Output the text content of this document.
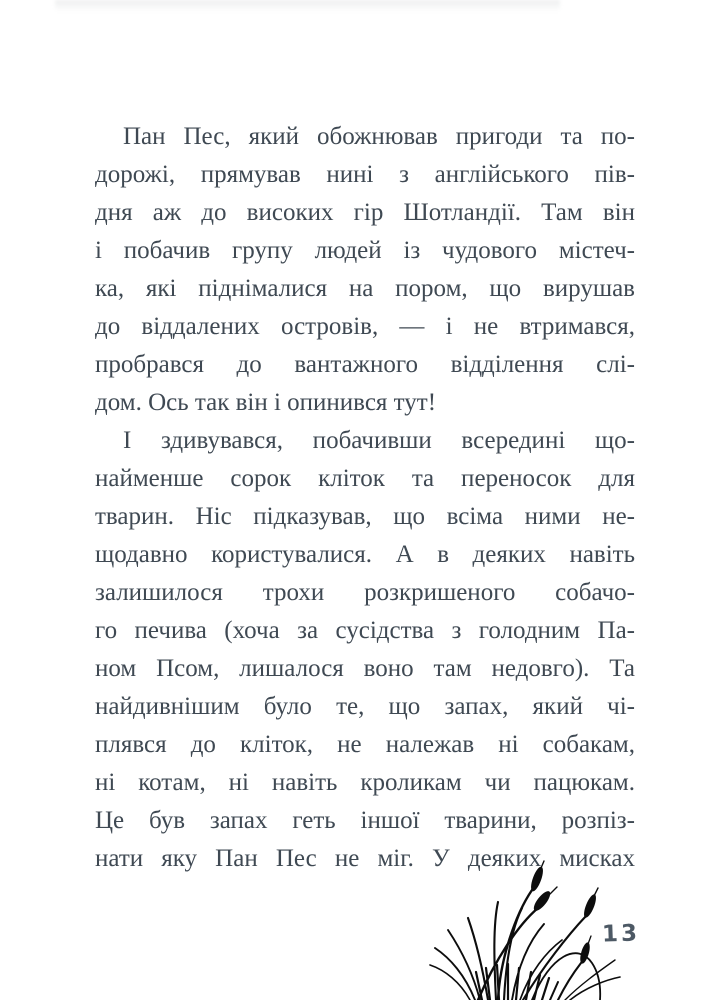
Пан Пес, який обожнював пригоди та по-
дорожі, прямував нині з англійського пів-
дня аж до високих гір Шотландії. Там він
і побачив групу людей із чудового містеч-
ка, які піднімалися на пором, що вирушав
до віддалених островів, — і не втримався,
пробрався до вантажного відділення слі-
дом. Ось так він і опинився тут!
І здивувався, побачивши всередині що-
найменше сорок кліток та переносок для
тварин. Ніс підказував, що всіма ними не-
щодавно користувалися. А в деяких навіть
залишилося трохи розкришеного собачо-
го печива (хоча за сусідства з голодним Па-
ном Псом, лишалося воно там недовго). Та
найдивнішим було те, що запах, який чі-
плявся до кліток, не належав ні собакам,
ні котам, ні навіть кроликам чи пацюкам.
Це був запах геть іншої тварини, розпіз-
нати яку Пан Пес не міг. У деяких мисках
13
